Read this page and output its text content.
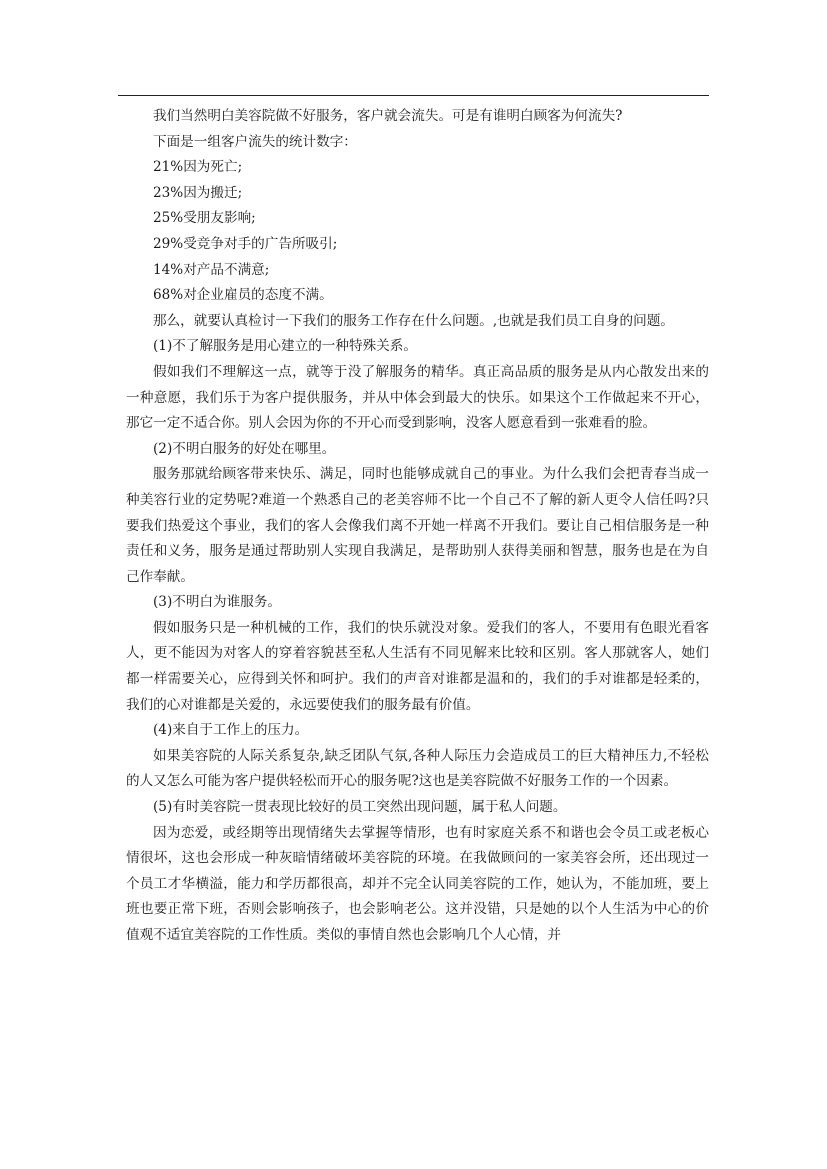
我们当然明白美容院做不好服务，客户就会流失。可是有谁明白顾客为何流失?

下面是一组客户流失的统计数字：

21%因为死亡;

23%因为搬迁;

25%受朋友影响;

29%受竞争对手的广告所吸引;

14%对产品不满意;

68%对企业雇员的态度不满。

那么，就要认真检讨一下我们的服务工作存在什么问题。,也就是我们员工自身的问题。

(1)不了解服务是用心建立的一种特殊关系。

假如我们不理解这一点，就等于没了解服务的精华。真正高品质的服务是从内心散发出来的一种意愿，我们乐于为客户提供服务，并从中体会到最大的快乐。如果这个工作做起来不开心，那它一定不适合你。别人会因为你的不开心而受到影响，没客人愿意看到一张难看的脸。

(2)不明白服务的好处在哪里。

服务那就给顾客带来快乐、满足，同时也能够成就自己的事业。为什么我们会把青春当成一种美容行业的定势呢?难道一个熟悉自己的老美容师不比一个自己不了解的新人更令人信任吗?只要我们热爱这个事业，我们的客人会像我们离不开她一样离不开我们。要让自己相信服务是一种责任和义务，服务是通过帮助别人实现自我满足，是帮助别人获得美丽和智慧，服务也是在为自己作奉献。

(3)不明白为谁服务。

假如服务只是一种机械的工作，我们的快乐就没对象。爱我们的客人，不要用有色眼光看客人，更不能因为对客人的穿着容貌甚至私人生活有不同见解来比较和区别。客人那就客人，她们都一样需要关心，应得到关怀和呵护。我们的声音对谁都是温和的，我们的手对谁都是轻柔的，我们的心对谁都是关爱的，永远要使我们的服务最有价值。

(4)来自于工作上的压力。

如果美容院的人际关系复杂,缺乏团队气氛,各种人际压力会造成员工的巨大精神压力,不轻松的人又怎么可能为客户提供轻松而开心的服务呢?这也是美容院做不好服务工作的一个因素。

(5)有时美容院一贯表现比较好的员工突然出现问题，属于私人问题。

因为恋爱，或经期等出现情绪失去掌握等情形，也有时家庭关系不和谐也会令员工或老板心情很坏，这也会形成一种灰暗情绪破坏美容院的环境。在我做顾问的一家美容会所，还出现过一个员工才华横溢，能力和学历都很高，却并不完全认同美容院的工作，她认为，不能加班，要上班也要正常下班，否则会影响孩子，也会影响老公。这并没错，只是她的以个人生活为中心的价值观不适宜美容院的工作性质。类似的事情自然也会影响几个人心情，并
